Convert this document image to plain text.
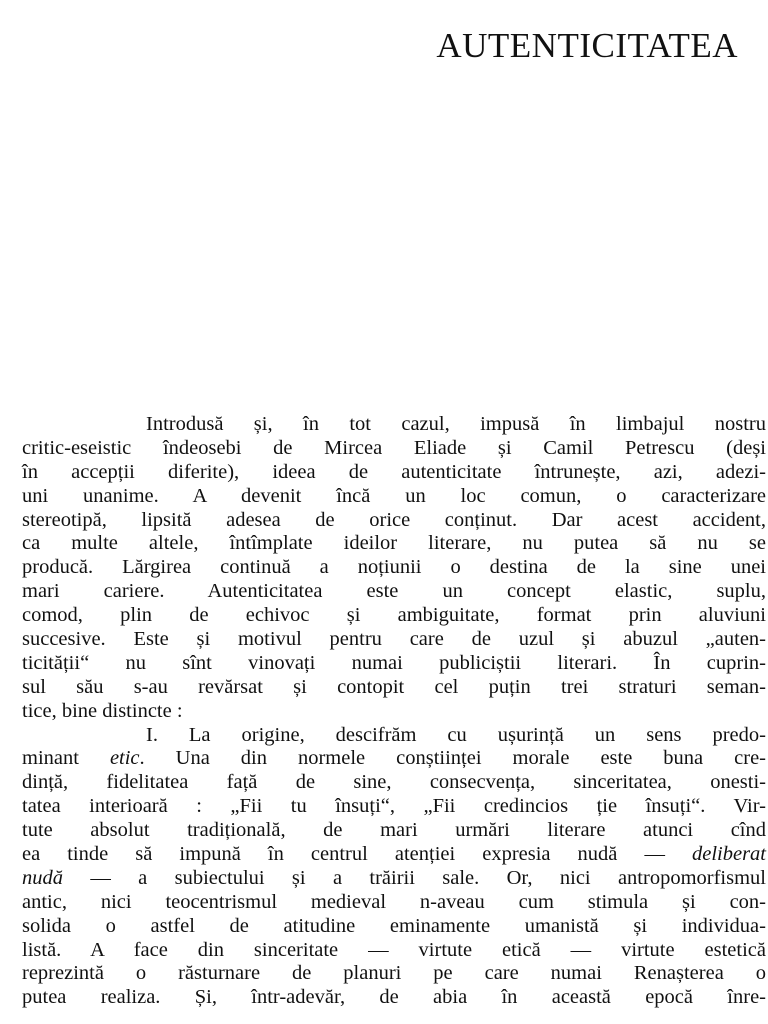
AUTENTICITATEA
Introdusă și, în tot cazul, impusă în limbajul nostru
critic-eseistic îndeosebi de Mircea Eliade și Camil Petrescu (deși
în accepții diferite), ideea de autenticitate întrunește, azi, adezi-
uni unanime. A devenit încă un loc comun, o caracterizare
stereotipă, lipsită adesea de orice conținut. Dar acest accident,
ca multe altele, întîmplate ideilor literare, nu putea să nu se
producă. Lărgirea continuă a noțiunii o destina de la sine unei
mari cariere. Autenticitatea este un concept elastic, suplu,
comod, plin de echivoc și ambiguitate, format prin aluviuni
succesive. Este și motivul pentru care de uzul și abuzul „auten-
ticității“ nu sînt vinovați numai publiciștii literari. În cuprin-
sul său s-au revărsat și contopit cel puțin trei straturi seman-
tice, bine distincte :
I. La origine, descifrăm cu ușurință un sens predo-
minant etic. Una din normele conștiinței morale este buna cre-
dință, fidelitatea față de sine, consecvența, sinceritatea, onesti-
tatea interioară : „Fii tu însuți“, „Fii credincios ție însuți“. Vir-
tute absolut tradițională, de mari urmări literare atunci cînd
ea tinde să impună în centrul atenției expresia nudă — deliberat
nudă — a subiectului și a trăirii sale. Or, nici antropomorfismul
antic, nici teocentrismul medieval n-aveau cum stimula și con-
solida o astfel de atitudine eminamente umanistă și individua-
listă. A face din sinceritate — virtute etică — virtute estetică
reprezintă o răsturnare de planuri pe care numai Renașterea o
putea realiza. Și, într-adevăr, de abia în această epocă înre-
